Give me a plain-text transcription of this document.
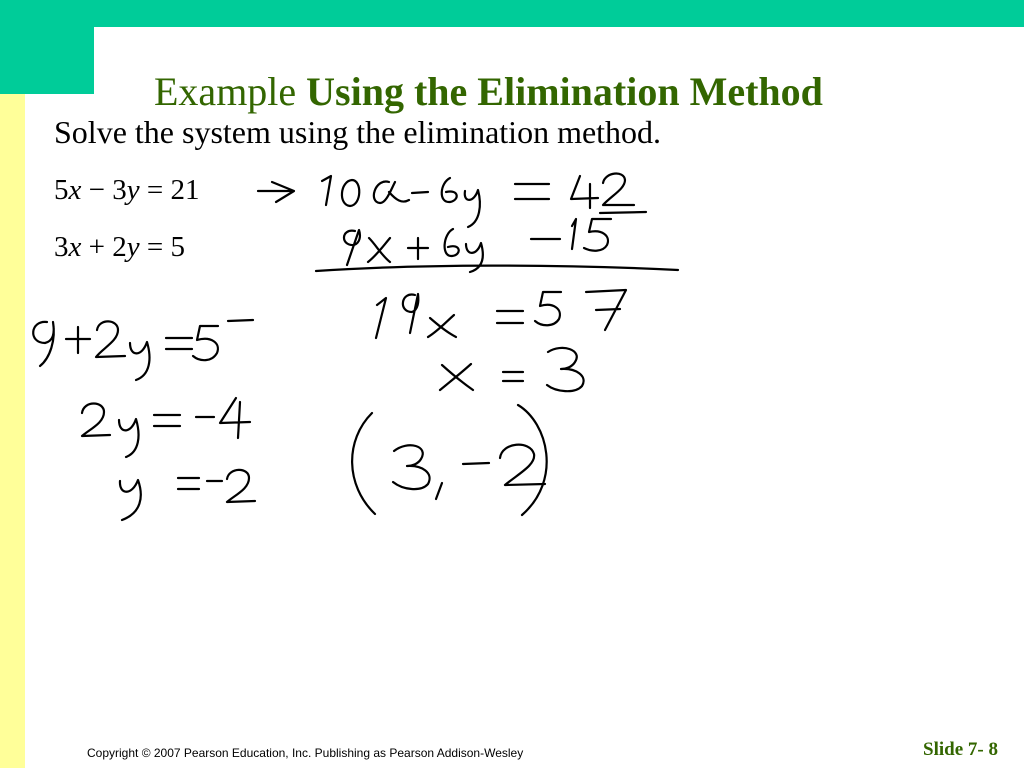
Example Using the Elimination Method

Solve the system using the elimination method.

5x − 3y = 21

3x + 2y = 5

Copyright © 2007 Pearson Education, Inc. Publishing as Pearson Addison-Wesley	Slide 7- 8
